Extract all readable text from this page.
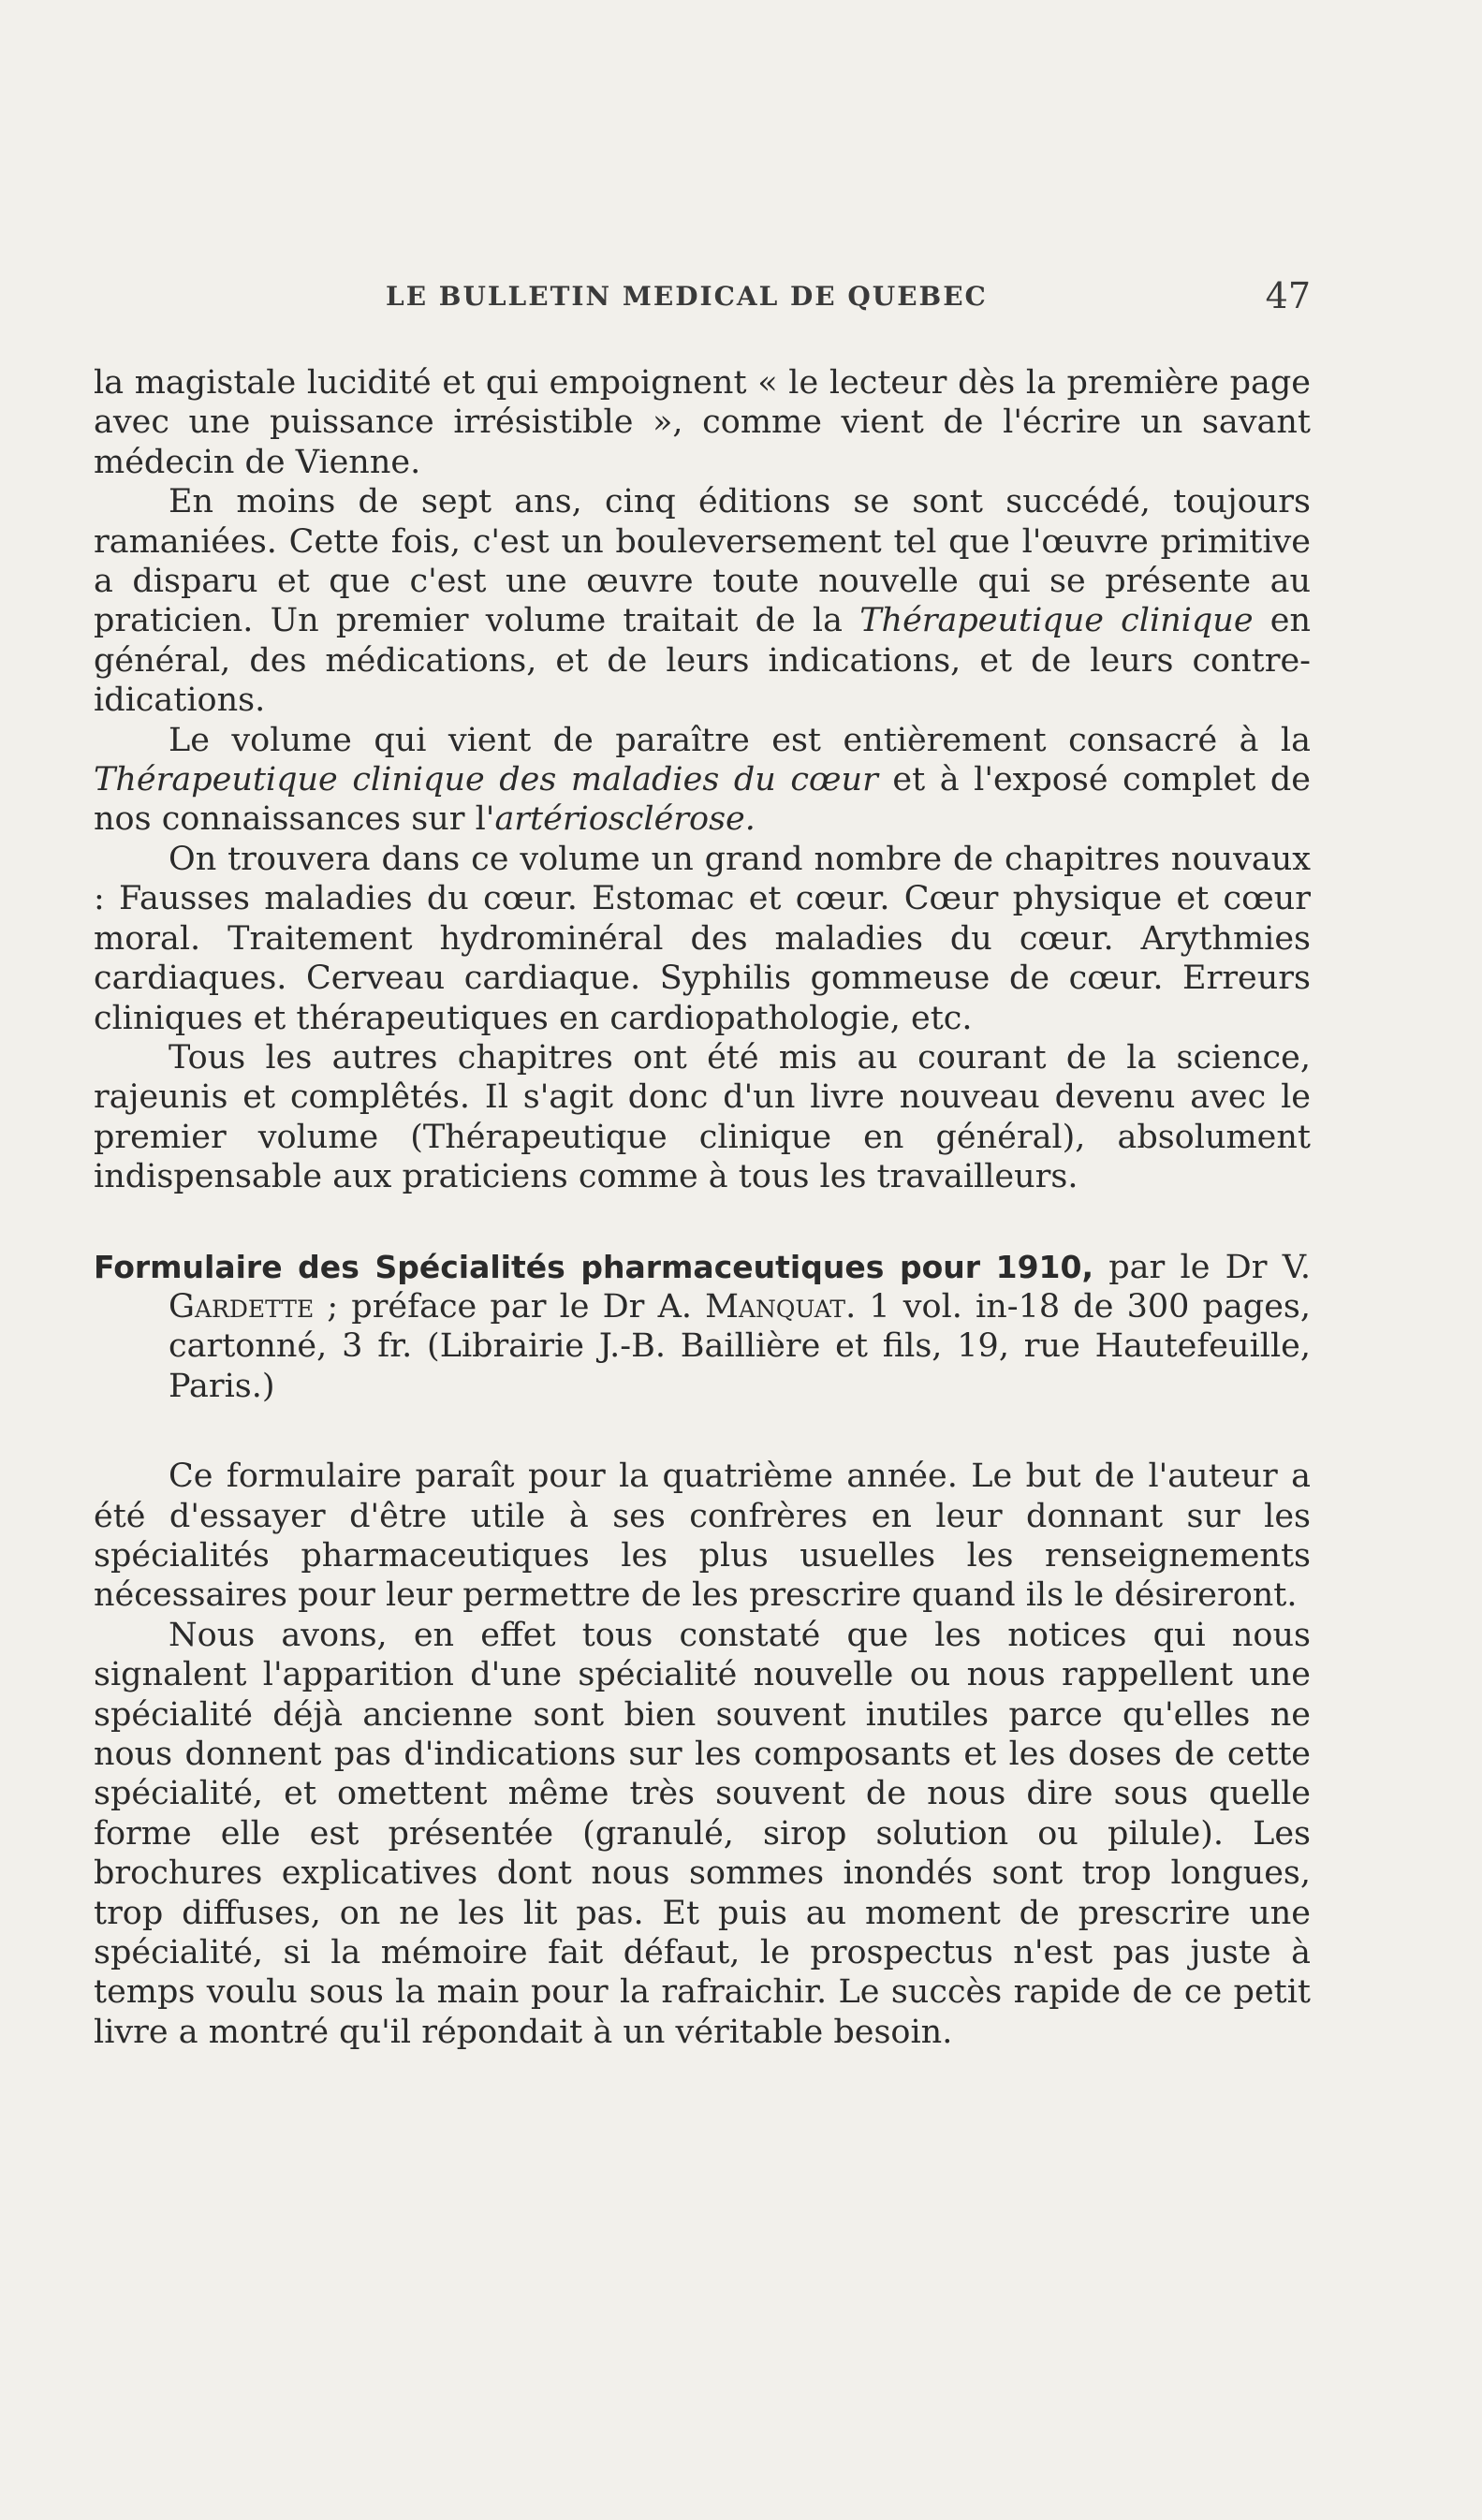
LE BULLETIN MEDICAL DE QUEBEC	47

la magistale lucidité et qui empoignent « le lecteur dès la première page avec une puissance irrésistible », comme vient de l'écrire un savant médecin de Vienne.

En moins de sept ans, cinq éditions se sont succédé, toujours ramaniées. Cette fois, c'est un bouleversement tel que l'œuvre primitive a disparu et que c'est une œuvre toute nouvelle qui se présente au praticien. Un premier volume traitait de la Thérapeutique clinique en général, des médications, et de leurs indications, et de leurs contre-idications.

Le volume qui vient de paraître est entièrement consacré à la Thérapeutique clinique des maladies du cœur et à l'exposé complet de nos connaissances sur l'artériosclérose.

On trouvera dans ce volume un grand nombre de chapitres nouvaux : Fausses maladies du cœur. Estomac et cœur. Cœur physique et cœur moral. Traitement hydrominéral des maladies du cœur. Arythmies cardiaques. Cerveau cardiaque. Syphilis gommeuse de cœur. Erreurs cliniques et thérapeutiques en cardiopathologie, etc.

Tous les autres chapitres ont été mis au courant de la science, rajeunis et complêtés. Il s'agit donc d'un livre nouveau devenu avec le premier volume (Thérapeutique clinique en général), absolument indispensable aux praticiens comme à tous les travailleurs.

Formulaire des Spécialités pharmaceutiques pour 1910, par le Dr V. Gardette ; préface par le Dr A. Manquat. 1 vol. in-18 de 300 pages, cartonné, 3 fr. (Librairie J.-B. Baillière et fils, 19, rue Hautefeuille, Paris.)

Ce formulaire paraît pour la quatrième année. Le but de l'auteur a été d'essayer d'être utile à ses confrères en leur donnant sur les spécialités pharmaceutiques les plus usuelles les renseignements nécessaires pour leur permettre de les prescrire quand ils le désireront.

Nous avons, en effet tous constaté que les notices qui nous signalent l'apparition d'une spécialité nouvelle ou nous rappellent une spécialité déjà ancienne sont bien souvent inutiles parce qu'elles ne nous donnent pas d'indications sur les composants et les doses de cette spécialité, et omettent même très souvent de nous dire sous quelle forme elle est présentée (granulé, sirop solution ou pilule). Les brochures explicatives dont nous sommes inondés sont trop longues, trop diffuses, on ne les lit pas. Et puis au moment de prescrire une spécialité, si la mémoire fait défaut, le prospectus n'est pas juste à temps voulu sous la main pour la rafraichir. Le succès rapide de ce petit livre a montré qu'il répondait à un véritable besoin.
